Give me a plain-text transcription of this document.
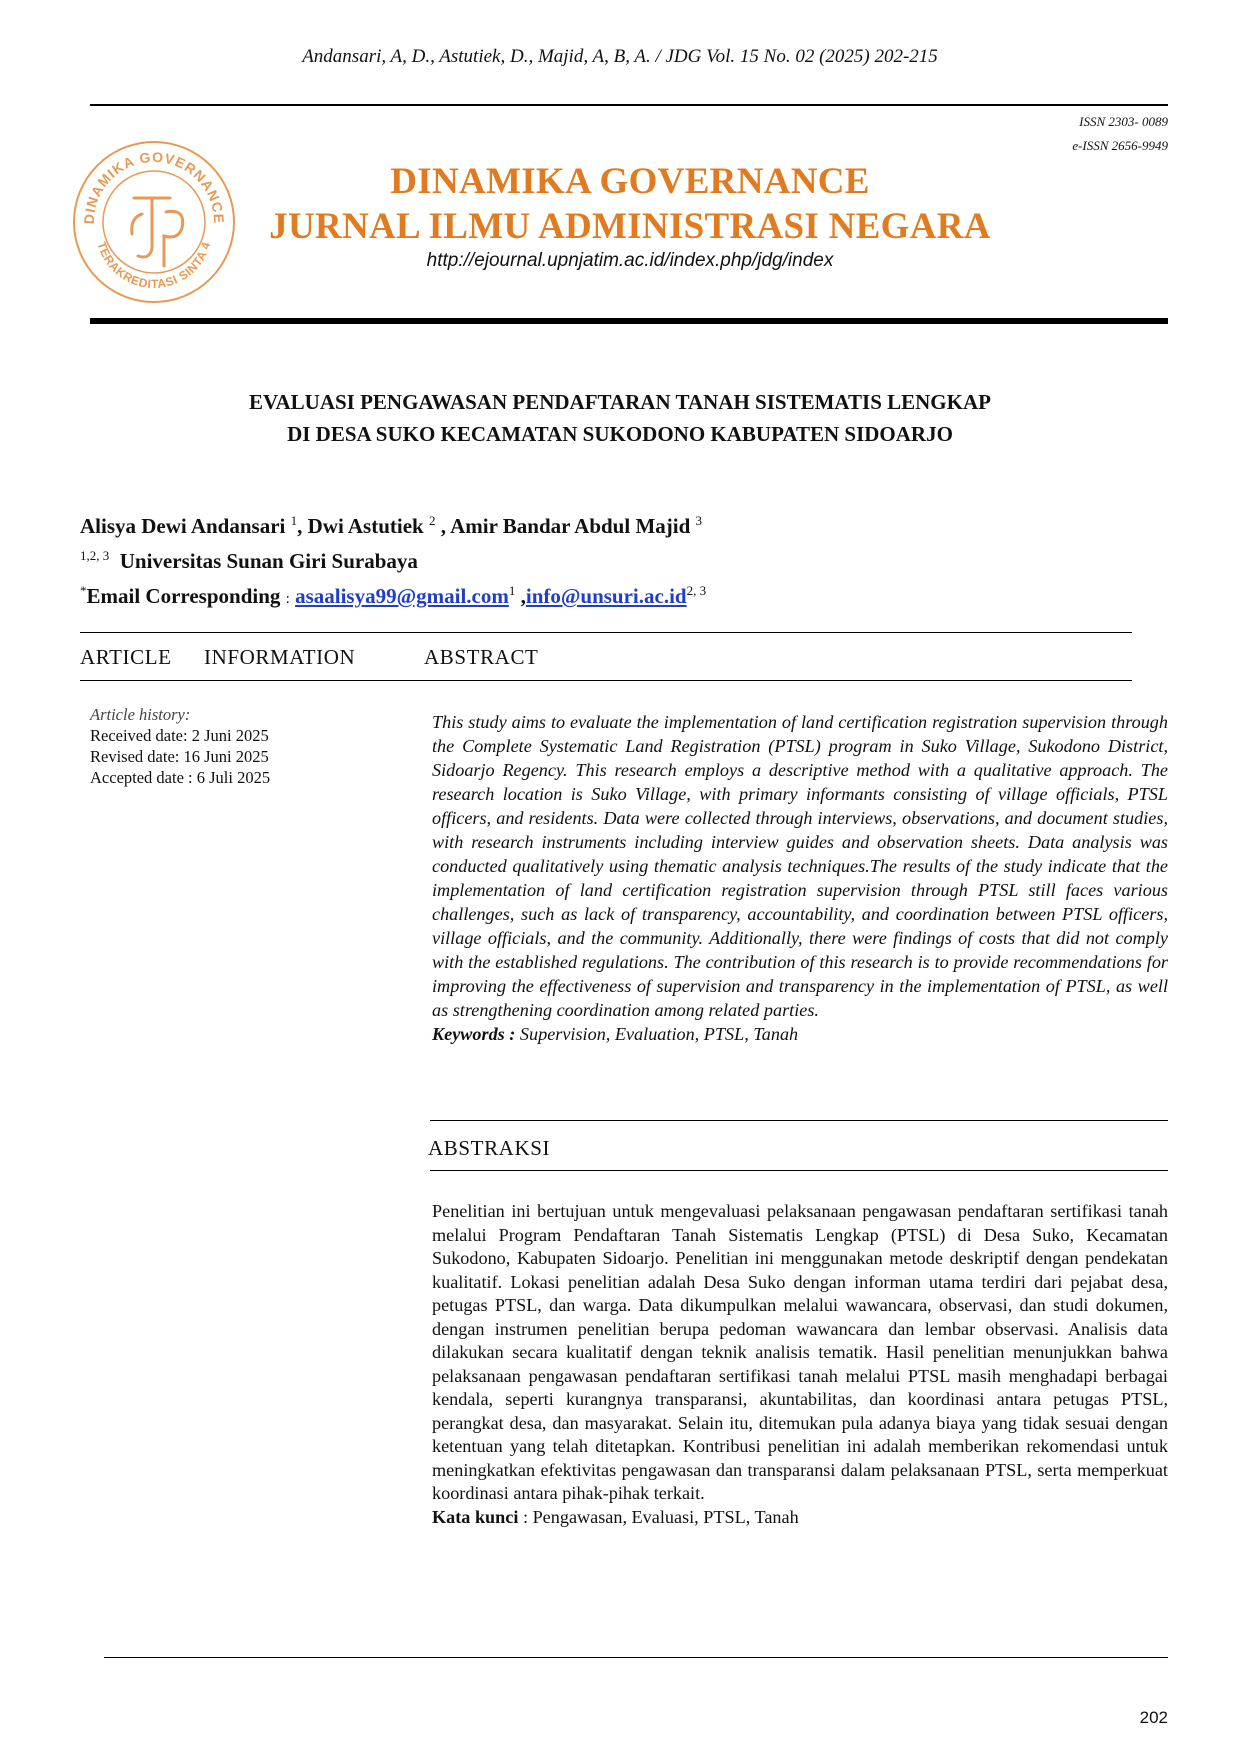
Andansari, A, D., Astutiek, D., Majid, A, B, A. / JDG Vol. 15 No. 02 (2025) 202-215
ISSN 2303- 0089
e-ISSN 2656-9949
DINAMIKA GOVERNANCE
TERAKREDITASI SINTA 4
DINAMIKA GOVERNANCE
JURNAL ILMU ADMINISTRASI NEGARA
http://ejournal.upnjatim.ac.id/index.php/jdg/index
EVALUASI PENGAWASAN PENDAFTARAN TANAH SISTEMATIS LENGKAP
DI DESA SUKO KECAMATAN SUKODONO KABUPATEN SIDOARJO
Alisya Dewi Andansari $^1$, Dwi Astutiek $^2$ , Amir Bandar Abdul Majid $^3$
$^{1,2, 3}$ Universitas Sunan Giri Surabaya
*Email Corresponding : asaalisya99@gmail.com$^1$ ,info@unsuri.ac.id$^{2, 3}$
ARTICLE INFORMATION	ABSTRACT
Article history:
Received date: 2 Juni 2025
Revised date: 16 Juni 2025
Accepted date : 6 Juli 2025
This study aims to evaluate the implementation of land certification registration supervision through the Complete Systematic Land Registration (PTSL) program in Suko Village, Sukodono District, Sidoarjo Regency. This research employs a descriptive method with a qualitative approach. The research location is Suko Village, with primary informants consisting of village officials, PTSL officers, and residents. Data were collected through interviews, observations, and document studies, with research instruments including interview guides and observation sheets. Data analysis was conducted qualitatively using thematic analysis techniques.The results of the study indicate that the implementation of land certification registration supervision through PTSL still faces various challenges, such as lack of transparency, accountability, and coordination between PTSL officers, village officials, and the community. Additionally, there were findings of costs that did not comply with the established regulations. The contribution of this research is to provide recommendations for improving the effectiveness of supervision and transparency in the implementation of PTSL, as well as strengthening coordination among related parties.
Keywords : Supervision, Evaluation, PTSL, Tanah
ABSTRAKSI
Penelitian ini bertujuan untuk mengevaluasi pelaksanaan pengawasan pendaftaran sertifikasi tanah melalui Program Pendaftaran Tanah Sistematis Lengkap (PTSL) di Desa Suko, Kecamatan Sukodono, Kabupaten Sidoarjo. Penelitian ini menggunakan metode deskriptif dengan pendekatan kualitatif. Lokasi penelitian adalah Desa Suko dengan informan utama terdiri dari pejabat desa, petugas PTSL, dan warga. Data dikumpulkan melalui wawancara, observasi, dan studi dokumen, dengan instrumen penelitian berupa pedoman wawancara dan lembar observasi. Analisis data dilakukan secara kualitatif dengan teknik analisis tematik. Hasil penelitian menunjukkan bahwa pelaksanaan pengawasan pendaftaran sertifikasi tanah melalui PTSL masih menghadapi berbagai kendala, seperti kurangnya transparansi, akuntabilitas, dan koordinasi antara petugas PTSL, perangkat desa, dan masyarakat. Selain itu, ditemukan pula adanya biaya yang tidak sesuai dengan ketentuan yang telah ditetapkan. Kontribusi penelitian ini adalah memberikan rekomendasi untuk meningkatkan efektivitas pengawasan dan transparansi dalam pelaksanaan PTSL, serta memperkuat koordinasi antara pihak-pihak terkait.
Kata kunci : Pengawasan, Evaluasi, PTSL, Tanah
202
